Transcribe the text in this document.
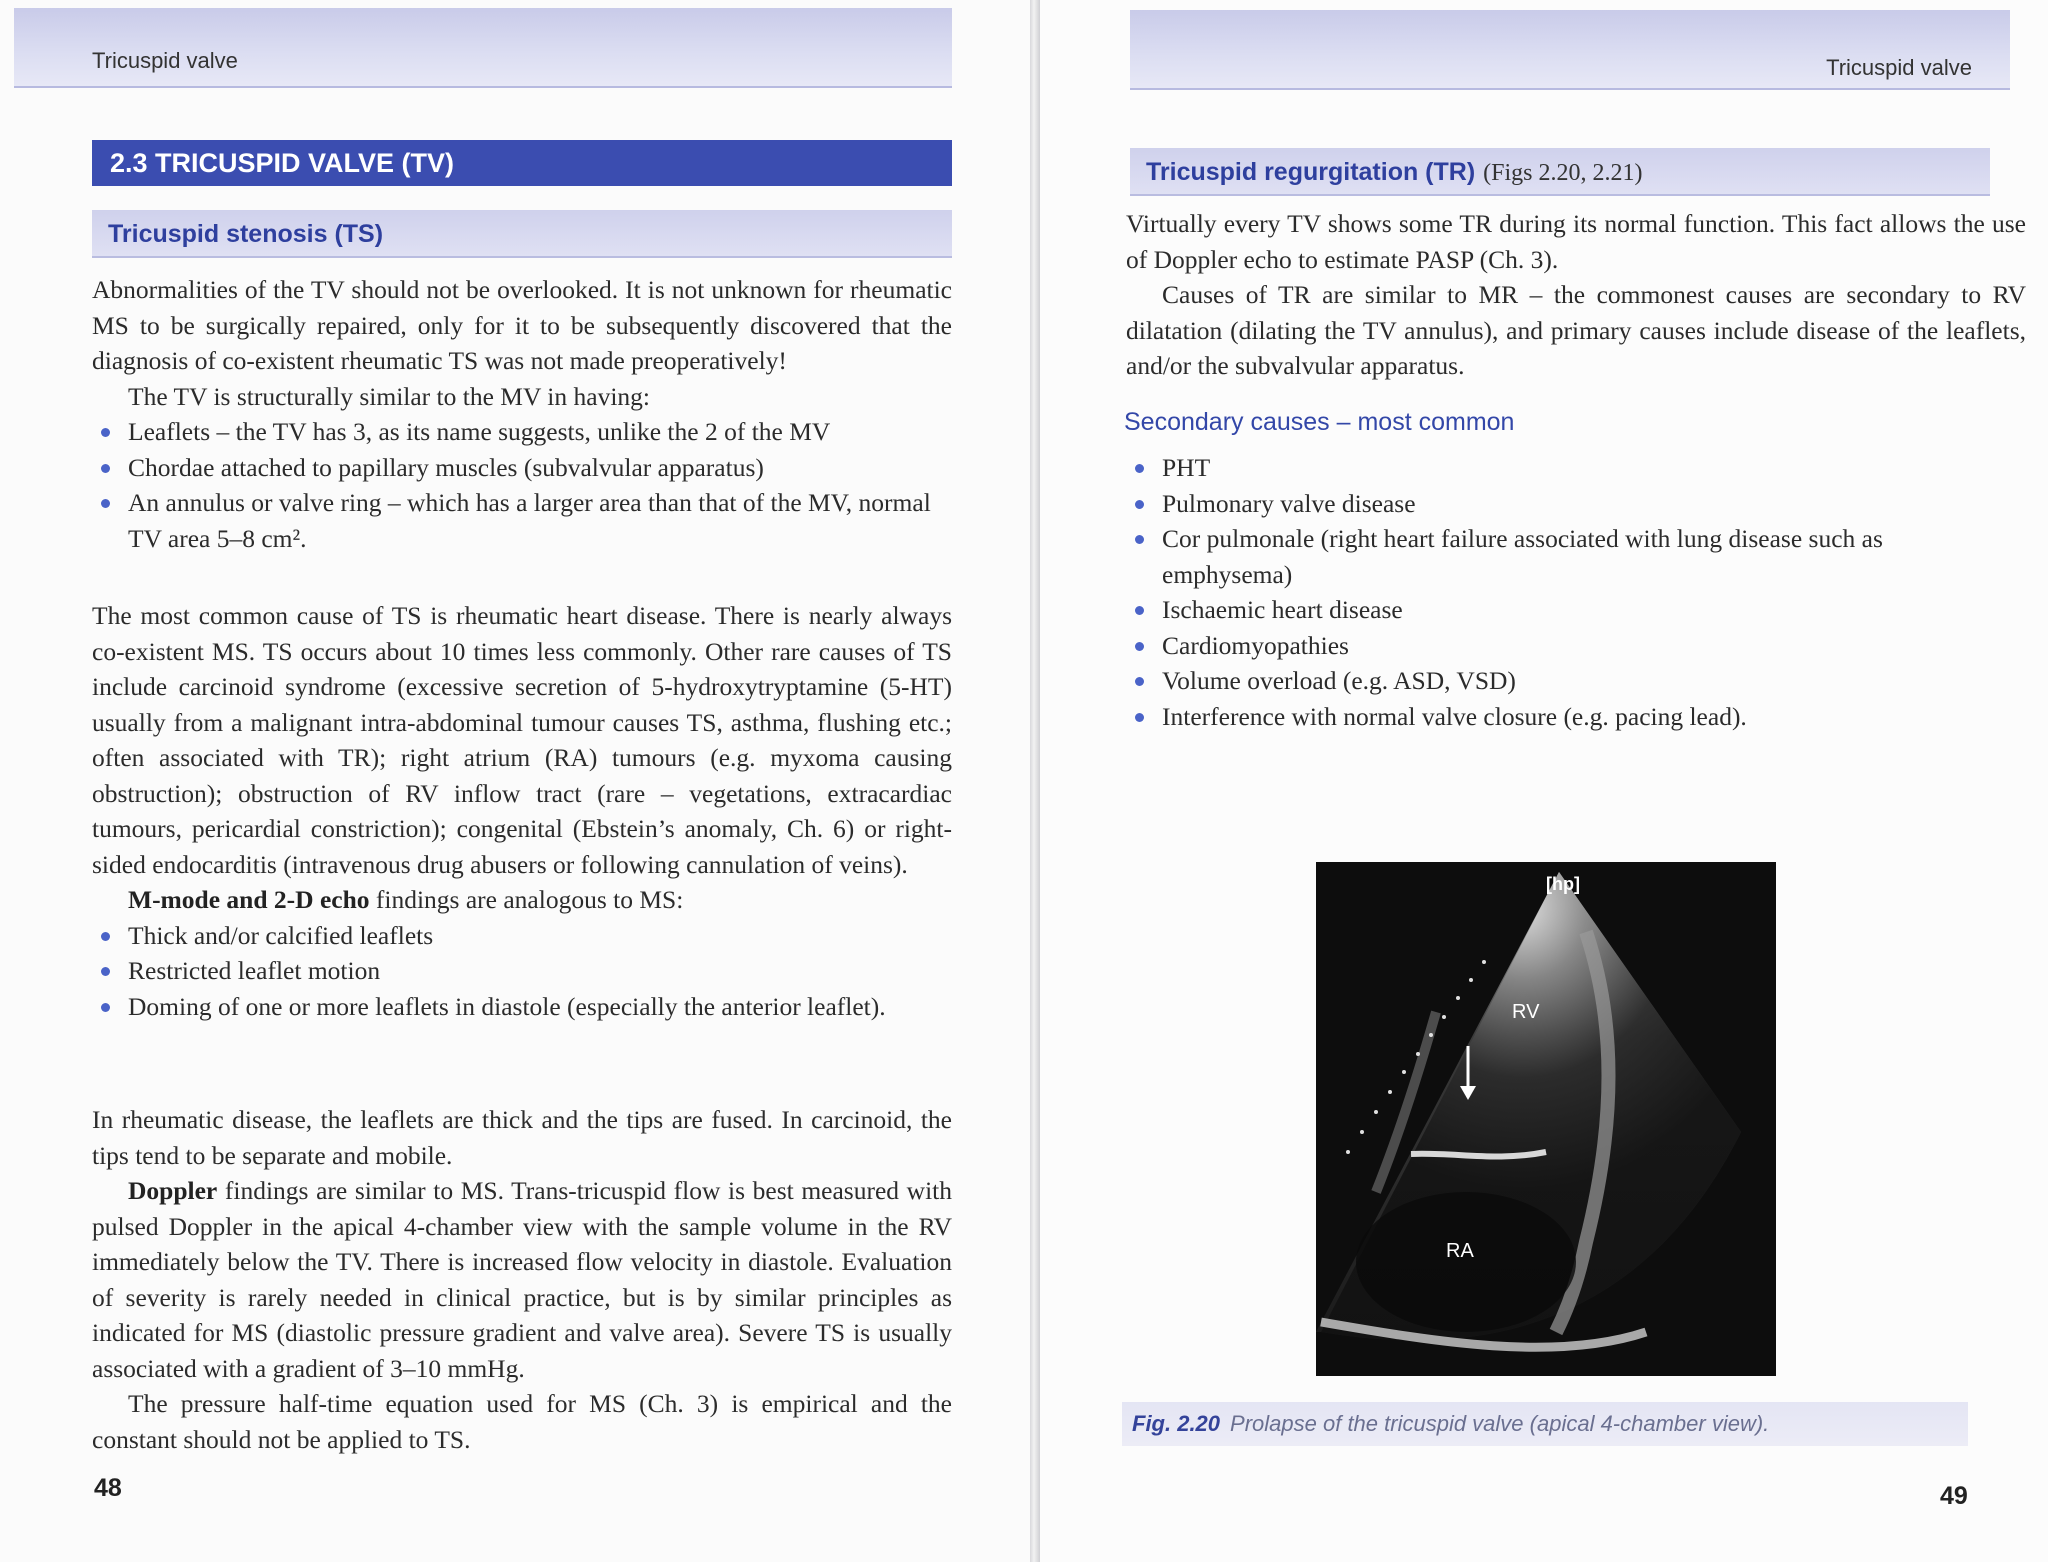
Tricuspid valve
2.3 TRICUSPID VALVE (TV)
Tricuspid stenosis (TS)

Abnormalities of the TV should not be overlooked. It is not unknown for rheumatic MS to be surgically repaired, only for it to be subsequently discovered that the diagnosis of co-existent rheumatic TS was not made preoperatively!

The TV is structurally similar to the MV in having:

Leaflets – the TV has 3, as its name suggests, unlike the 2 of the MV
Chordae attached to papillary muscles (subvalvular apparatus)
An annulus or valve ring – which has a larger area than that of the MV, normal TV area 5–8 cm².

The most common cause of TS is rheumatic heart disease. There is nearly always co-existent MS. TS occurs about 10 times less commonly. Other rare causes of TS include carcinoid syndrome (excessive secretion of 5-hydroxytryptamine (5-HT) usually from a malignant intra-abdominal tumour causes TS, asthma, flushing etc.; often associated with TR); right atrium (RA) tumours (e.g. myxoma causing obstruction); obstruction of RV inflow tract (rare – vegetations, extracardiac tumours, pericardial constriction); congenital (Ebstein’s anomaly, Ch. 6) or right-sided endocarditis (intravenous drug abusers or following cannulation of veins).

M-mode and 2-D echo findings are analogous to MS:

Thick and/or calcified leaflets
Restricted leaflet motion
Doming of one or more leaflets in diastole (especially the anterior leaflet).

In rheumatic disease, the leaflets are thick and the tips are fused. In carcinoid, the tips tend to be separate and mobile.

Doppler findings are similar to MS. Trans-tricuspid flow is best measured with pulsed Doppler in the apical 4-chamber view with the sample volume in the RV immediately below the TV. There is increased flow velocity in diastole. Evaluation of severity is rarely needed in clinical practice, but is by similar principles as indicated for MS (diastolic pressure gradient and valve area). Severe TS is usually associated with a gradient of 3–10 mmHg.

The pressure half-time equation used for MS (Ch. 3) is empirical and the constant should not be applied to TS.

48
Tricuspid valve
Tricuspid regurgitation (TR) (Figs 2.20, 2.21)

Virtually every TV shows some TR during its normal function. This fact allows the use of Doppler echo to estimate PASP (Ch. 3).

Causes of TR are similar to MR – the commonest causes are secondary to RV dilatation (dilating the TV annulus), and primary causes include disease of the leaflets, and/or the subvalvular apparatus.

Secondary causes – most common
PHT
Pulmonary valve disease
Cor pulmonale (right heart failure associated with lung disease such as emphysema)
Ischaemic heart disease
Cardiomyopathies
Volume overload (e.g. ASD, VSD)
Interference with normal valve closure (e.g. pacing lead).
[hp]
RV
RA
Fig. 2.20 Prolapse of the tricuspid valve (apical 4-chamber view).
49
